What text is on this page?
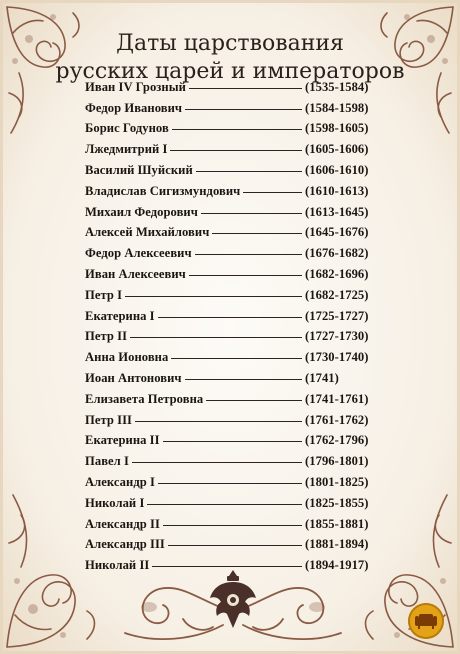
Даты царствования
русских царей и императоров
Иван IV Грозный	(1535-1584)
Федор Иванович	(1584-1598)
Борис Годунов	(1598-1605)
Лжедмитрий I	(1605-1606)
Василий Шуйский	(1606-1610)
Владислав Сигизмундович	(1610-1613)
Михаил Федорович	(1613-1645)
Алексей Михайлович	(1645-1676)
Федор Алексеевич	(1676-1682)
Иван Алексеевич	(1682-1696)
Петр I	(1682-1725)
Екатерина I	(1725-1727)
Петр II	(1727-1730)
Анна Ионовна	(1730-1740)
Иоан Антонович	(1741)
Елизавета Петровна	(1741-1761)
Петр III	(1761-1762)
Екатерина II	(1762-1796)
Павел I	(1796-1801)
Александр I	(1801-1825)
Николай I	(1825-1855)
Александр II	(1855-1881)
Александр III	(1881-1894)
Николай II	(1894-1917)
